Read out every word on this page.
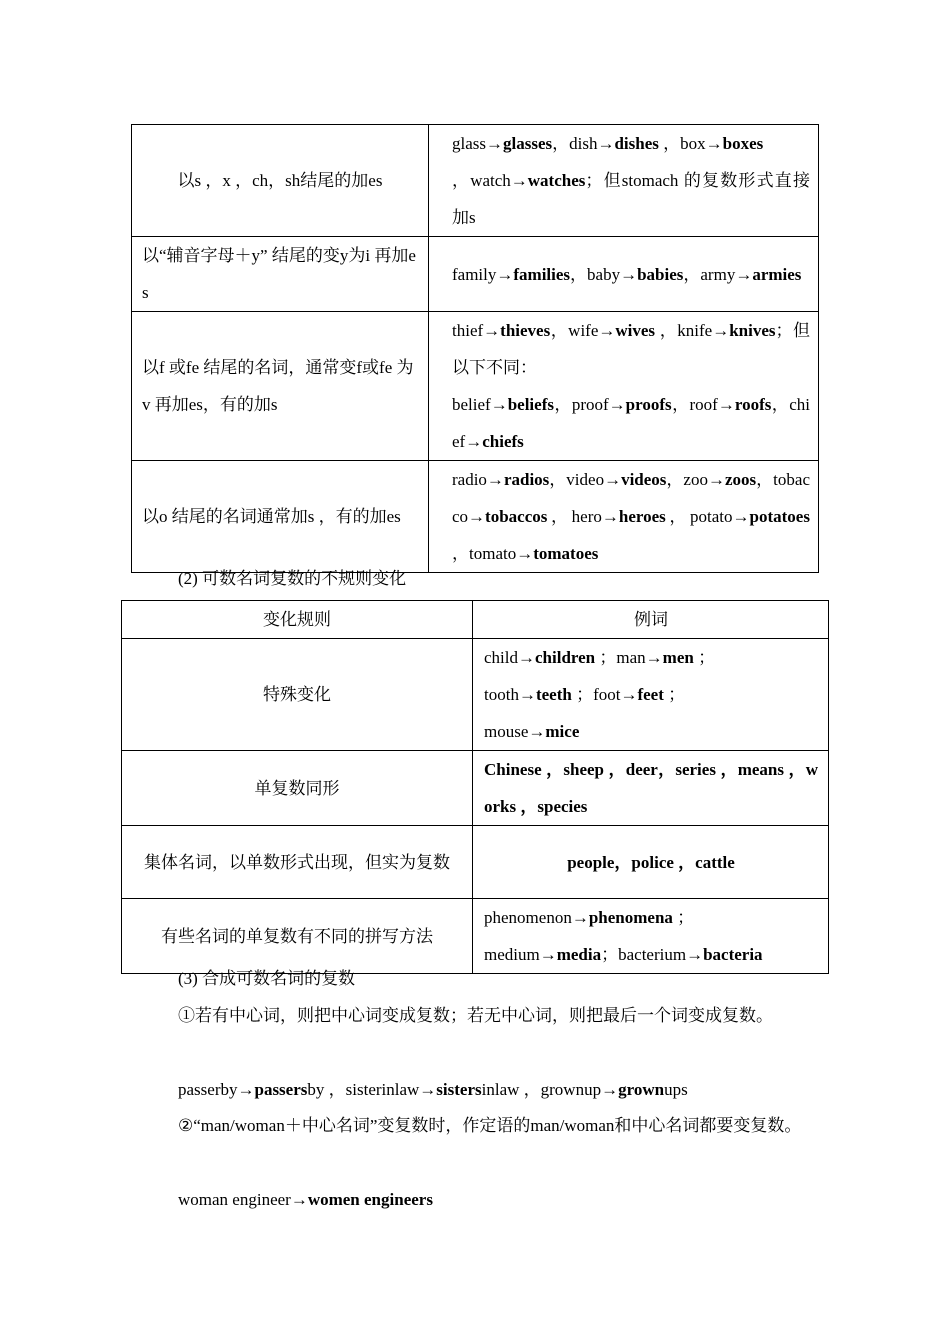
以s ，x ，ch，sh结尾的加es	glass→glasses，dish→dishes ，box→boxes
，watch→watches；但stomach 的复数形式直接加s
以“辅音字母＋y” 结尾的变y为i 再加es	family→families，baby→babies，army→armies
以f 或fe 结尾的名词，通常变f或fe 为v 再加es，有的加s	thief→thieves，wife→wives ，knife→knives；但以下不同：
belief→beliefs，proof→proofs，roof→roofs，chief→chiefs
以o 结尾的名词通常加s ，有的加es	radio→radios，video→videos，zoo→zoos，tobacco→tobaccos，hero→heroes，potato→potatoes ，tomato→tomatoes

(2) 可数名词复数的不规则变化

变化规则	例词
特殊变化	child→children ；man→men ；
tooth→teeth ；foot→feet ；
mouse→mice
单复数同形	Chinese ，sheep ，deer，series ，means ，works ，species
集体名词，以单数形式出现，但实为复数	people，police ，cattle
有些名词的单复数有不同的拼写方法	phenomenon→phenomena ；
medium→media；bacterium→bacteria

(3) 合成可数名词的复数

①若有中心词，则把中心词变成复数；若无中心词，则把最后一个词变成复数。

passerby→passersby ，sisterinlaw→sistersinlaw ，grownup→grownups

②“man/woman＋中心名词”变复数时，作定语的man/woman和中心名词都要变复数。

woman engineer→women engineers
